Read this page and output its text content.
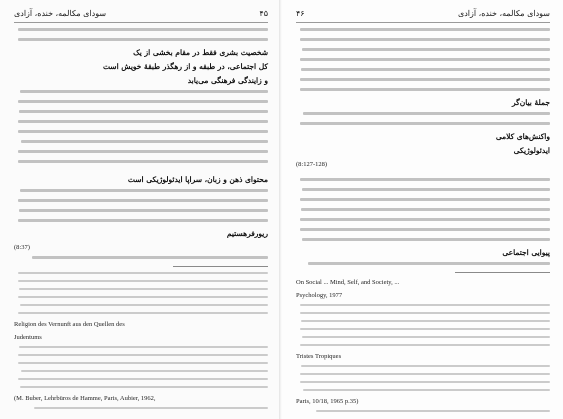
سودای مکالمه، خنده، آزادی	۴۵
شخصیت بشری فقط در مقام بخشی از یک
کل اجتماعی، در طبقه و از رهگذر طبقهٔ خویش است
و زایندگی فرهنگی می‌یابد
محتوای ذهن و زبان، سراپا ایدئولوژیکی است
ریورفرهستیم
(8:37)
Religion des Vernunft aus den Quellen des
Judentums
(M. Buber, Lehrbüros de Hamme, Paris, Aubier, 1962,
۴۶	سودای مکالمه، خنده، آزادی
جملهٔ بیان‌گر
واکنش‌های کلامی
ایدئولوژیکی
(8:127-128)
پیوایی اجتماعی
On Social ... Mind, Self, and Society, ...
Psychology, 1977
Tristes Tropiques
Paris, 10/18, 1965 p.35)
